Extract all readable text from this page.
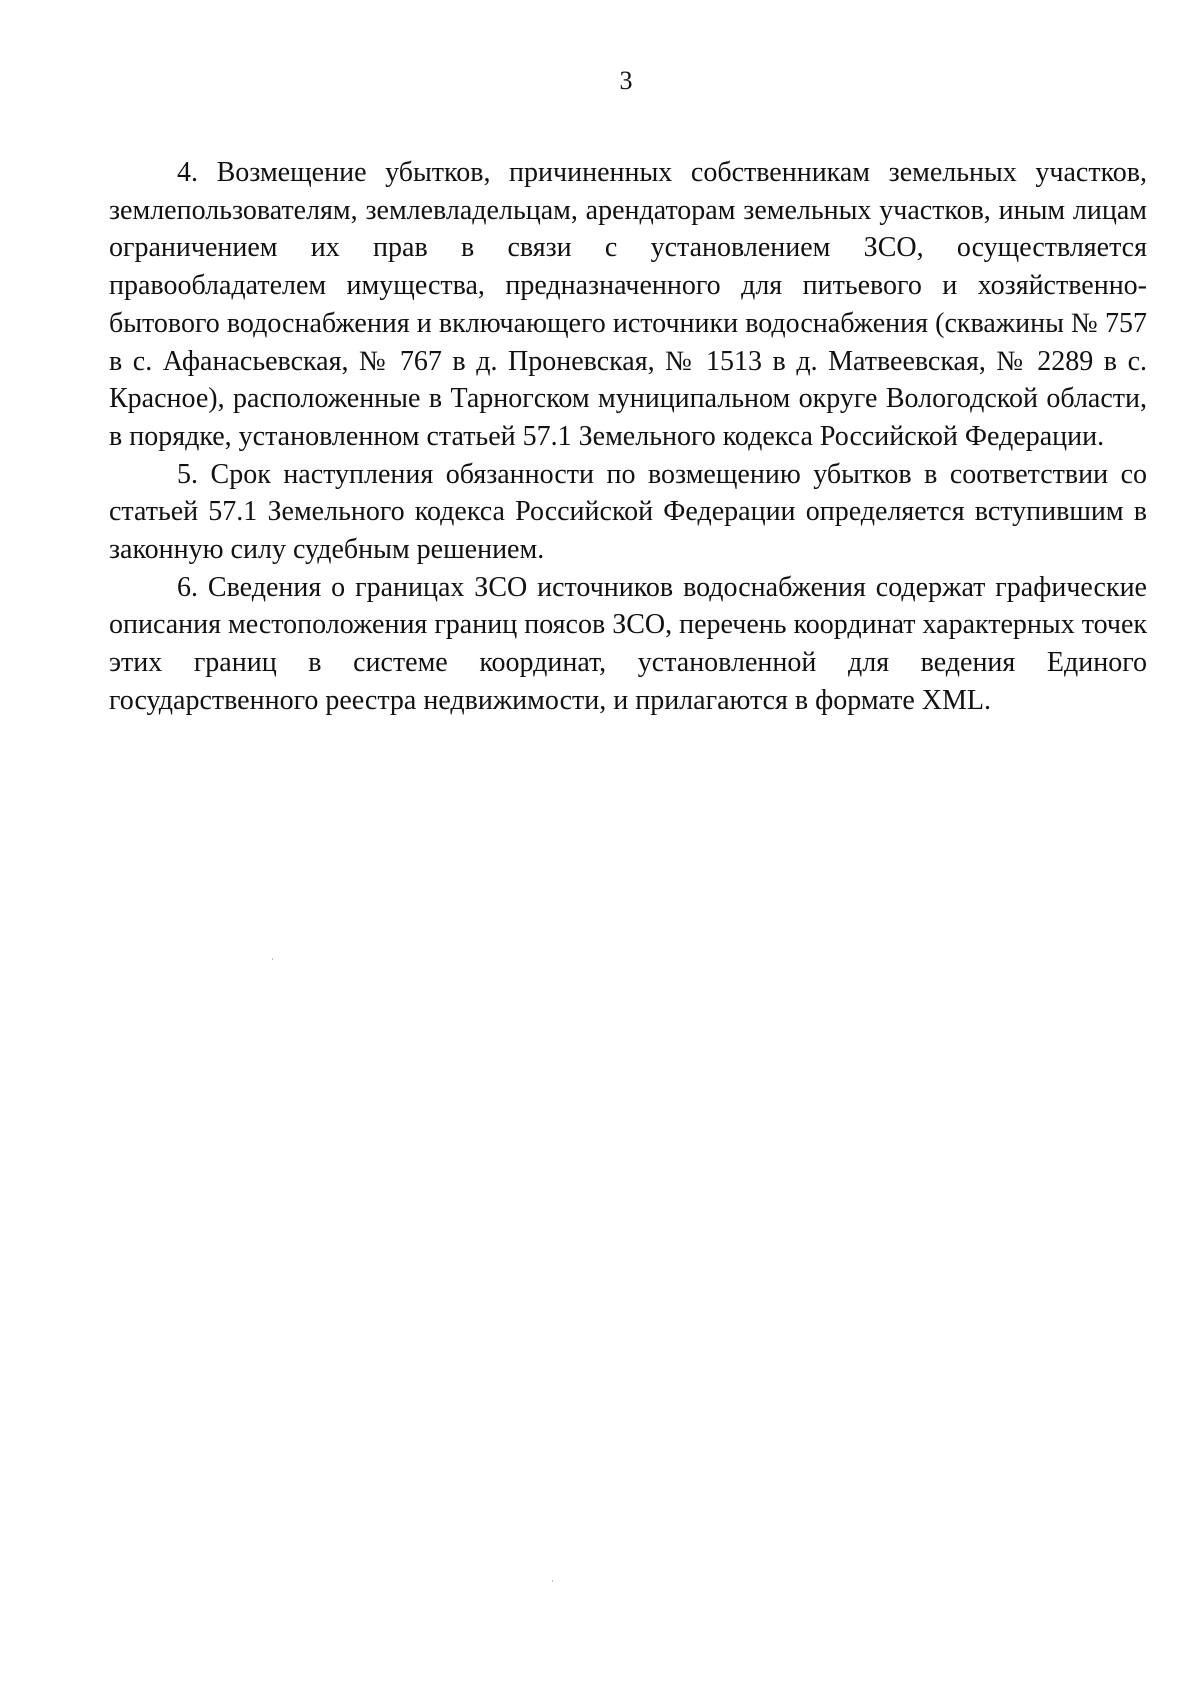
3

4. Возмещение убытков, причиненных собственникам земельных участков, землепользователям, землевладельцам, арендаторам земельных участков, иным лицам ограничением их прав в связи с установлением ЗСО, осуществляется правообладателем имущества, предназначенного для питьевого и хозяйственно-бытового водоснабжения и включающего источники водоснабжения (скважины № 757 в с. Афанасьевская, № 767 в д. Проневская, № 1513 в д. Матвеевская, № 2289 в с. Красное), расположенные в Тарногском муниципальном округе Вологодской области, в порядке, установленном статьей 57.1 Земельного кодекса Российской Федерации.

5. Срок наступления обязанности по возмещению убытков в соответствии со статьей 57.1 Земельного кодекса Российской Федерации определяется вступившим в законную силу судебным решением.

6. Сведения о границах ЗСО источников водоснабжения содержат графические описания местоположения границ поясов ЗСО, перечень координат характерных точек этих границ в системе координат, установленной для ведения Единого государственного реестра недвижимости, и прилагаются в формате XML.
